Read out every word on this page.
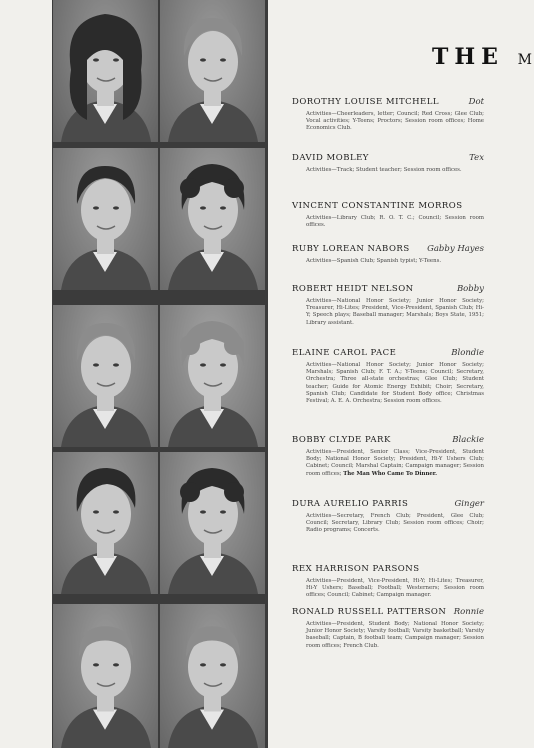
THE M
DOROTHY LOUISE MITCHELL	Dot
Activities—Cheerleaders, letter; Council; Red Cross; Glee Club; Vocal activities; Y-Teens; Proctors; Session room offices; Home Economics Club.
DAVID MOBLEY	Tex
Activities—Track; Student teacher; Session room offices.
VINCENT CONSTANTINE MORROS
Activities—Library Club; R. O. T. C.; Council; Session room offices.
RUBY LOREAN NABORS Gabby Hayes
Activities—Spanish Club; Spanish typist; Y-Teens.
ROBERT HEIDT NELSON	Bobby
Activities—National Honor Society; Junior Honor Society; Treasurer, Hi-Lites; President, Vice-President, Spanish Club; Hi-Y; Speech plays; Baseball manager; Marshals; Boys State, 1951; Library assistant.
ELAINE CAROL PACE	Blondie
Activities—National Honor Society; Junior Honor Society; Marshals; Spanish Club; F. T. A.; Y-Teens; Council; Secretary, Orchestra; Three all-state orchestras; Glee Club; Student teacher; Guide for Atomic Energy Exhibit; Choir; Secretary, Spanish Club; Candidate for Student Body office; Christmas Festival; A. E. A. Orchestra; Session room offices.
BOBBY CLYDE PARK	Blackie
Activities—President, Senior Class; Vice-President, Student Body; National Honor Society; President, Hi-Y Ushers Club; Cabinet; Council; Marshal Captain; Campaign manager; Session room offices; The Man Who Came To Dinner.
DURA AURELIO PARRIS	Ginger
Activities—Secretary, French Club; President, Glee Club; Council; Secretary, Library Club; Session room offices; Choir; Radio programs; Concerts.
REX HARRISON PARSONS
Activities—President, Vice-President, Hi-Y; Hi-Lites; Treasurer, Hi-Y Ushers; Baseball; Football; Westerners; Session room offices; Council; Cabinet; Campaign manager.
RONALD RUSSELL PATTERSON Ronnie
Activities—President, Student Body; National Honor Society; Junior Honor Society; Varsity football; Varsity basketball; Varsity baseball; Captain, B football team; Campaign manager; Session room offices; French Club.
